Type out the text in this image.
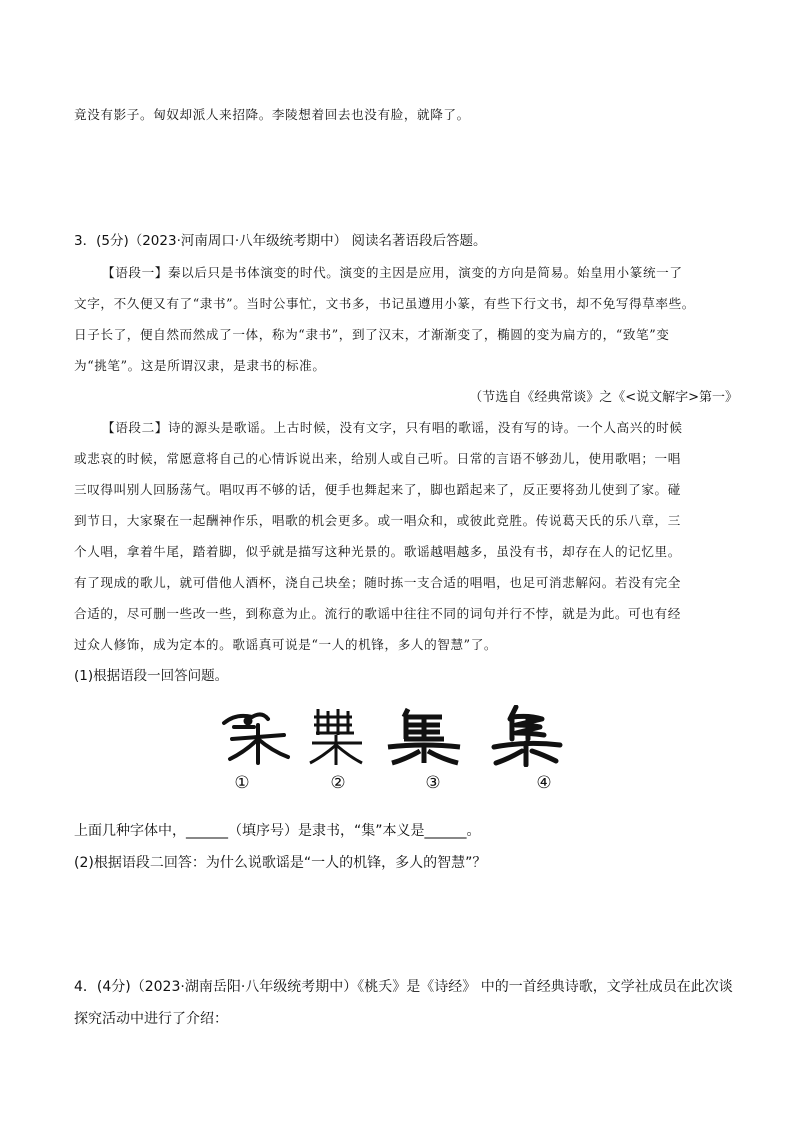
竟没有影子。匈奴却派人来招降。李陵想着回去也没有脸，就降了。
3．(5分)（2023·河南周口·八年级统考期中） 阅读名著语段后答题。
【语段一】秦以后只是书体演变的时代。演变的主因是应用，演变的方向是简易。始皇用小篆统一了
文字，不久便又有了“隶书”。当时公事忙，文书多，书记虽遵用小篆，有些下行文书，却不免写得草率些。
日子长了，便自然而然成了一体，称为“隶书”，到了汉末，才渐渐变了，椭圆的变为扁方的，“致笔”变
为“挑笔”。这是所谓汉隶，是隶书的标准。
（节选自《经典常谈》之《<说文解字>第一》
【语段二】诗的源头是歌谣。上古时候，没有文字，只有唱的歌谣，没有写的诗。一个人高兴的时候
或悲哀的时候，常愿意将自己的心情诉说出来，给别人或自己听。日常的言语不够劲儿，使用歌唱；一唱
三叹得叫别人回肠荡气。唱叹再不够的话，便手也舞起来了，脚也蹈起来了，反正要将劲儿使到了家。碰
到节日，大家聚在一起酬神作乐，唱歌的机会更多。或一唱众和，或彼此竞胜。传说葛天氏的乐八章，三
个人唱，拿着牛尾，踏着脚，似乎就是描写这种光景的。歌谣越唱越多，虽没有书，却存在人的记忆里。
有了现成的歌儿，就可借他人酒杯，浇自己块垒；随时拣一支合适的唱唱，也足可消悲解闷。若没有完全
合适的，尽可删一些改一些，到称意为止。流行的歌谣中往往不同的词句并行不悖，就是为此。可也有经
过众人修饰，成为定本的。歌谣真可说是“一人的机锋，多人的智慧”了。
(1)根据语段一回答问题。
①	②	③	④
上面几种字体中，______（填序号）是隶书，“集”本义是______。
(2)根据语段二回答：为什么说歌谣是“一人的机锋，多人的智慧”？
4．(4分)（2023·湖南岳阳·八年级统考期中）《桃夭》是《诗经》 中的一首经典诗歌，文学社成员在此次谈
探究活动中进行了介绍：
